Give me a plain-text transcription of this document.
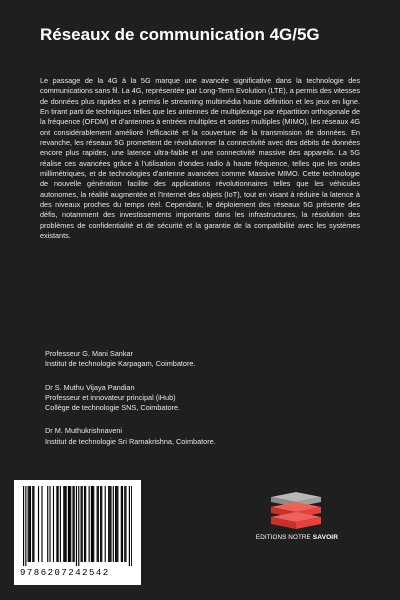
Réseaux de communication 4G/5G

Le passage de la 4G à la 5G marque une avancée significative dans la technologie des communications sans fil. La 4G, représentée par Long-Term Evolution (LTE), a permis des vitesses de données plus rapides et a permis le streaming multimédia haute définition et les jeux en ligne. En tirant parti de techniques telles que les antennes de multiplexage par répartition orthogonale de la fréquence (OFDM) et d'antennes à entrées multiples et sorties multiples (MIMO), les réseaux 4G ont considérablement amélioré l'efficacité et la couverture de la transmission de données. En revanche, les réseaux 5G promettent de révolutionner la connectivité avec des débits de données encore plus rapides, une latence ultra-faible et une connectivité massive des appareils. La 5G réalise ces avancées grâce à l'utilisation d'ondes radio à haute fréquence, telles que les ondes millimétriques, et de technologies d'antenne avancées comme Massive MIMO. Cette technologie de nouvelle génération facilite des applications révolutionnaires telles que les véhicules autonomes, la réalité augmentée et l'Internet des objets (IoT), tout en visant à réduire la latence à des niveaux proches du temps réel. Cependant, le déploiement des réseaux 5G présente des défis, notamment des investissements importants dans les infrastructures, la résolution des problèmes de confidentialité et de sécurité et la garantie de la compatibilité avec les systèmes existants.

Professeur G. Mani Sankar
Institut de technologie Karpagam, Coimbatore.
Dr S. Muthu Vijaya Pandian
Professeur et innovateur principal (iHub)
Collège de technologie SNS, Coimbatore.
Dr M. Muthukrishnaveni
Institut de technologie Sri Ramakrishna, Coimbatore.
9786207242542
EDITIONS NOTRE SAVOIR
